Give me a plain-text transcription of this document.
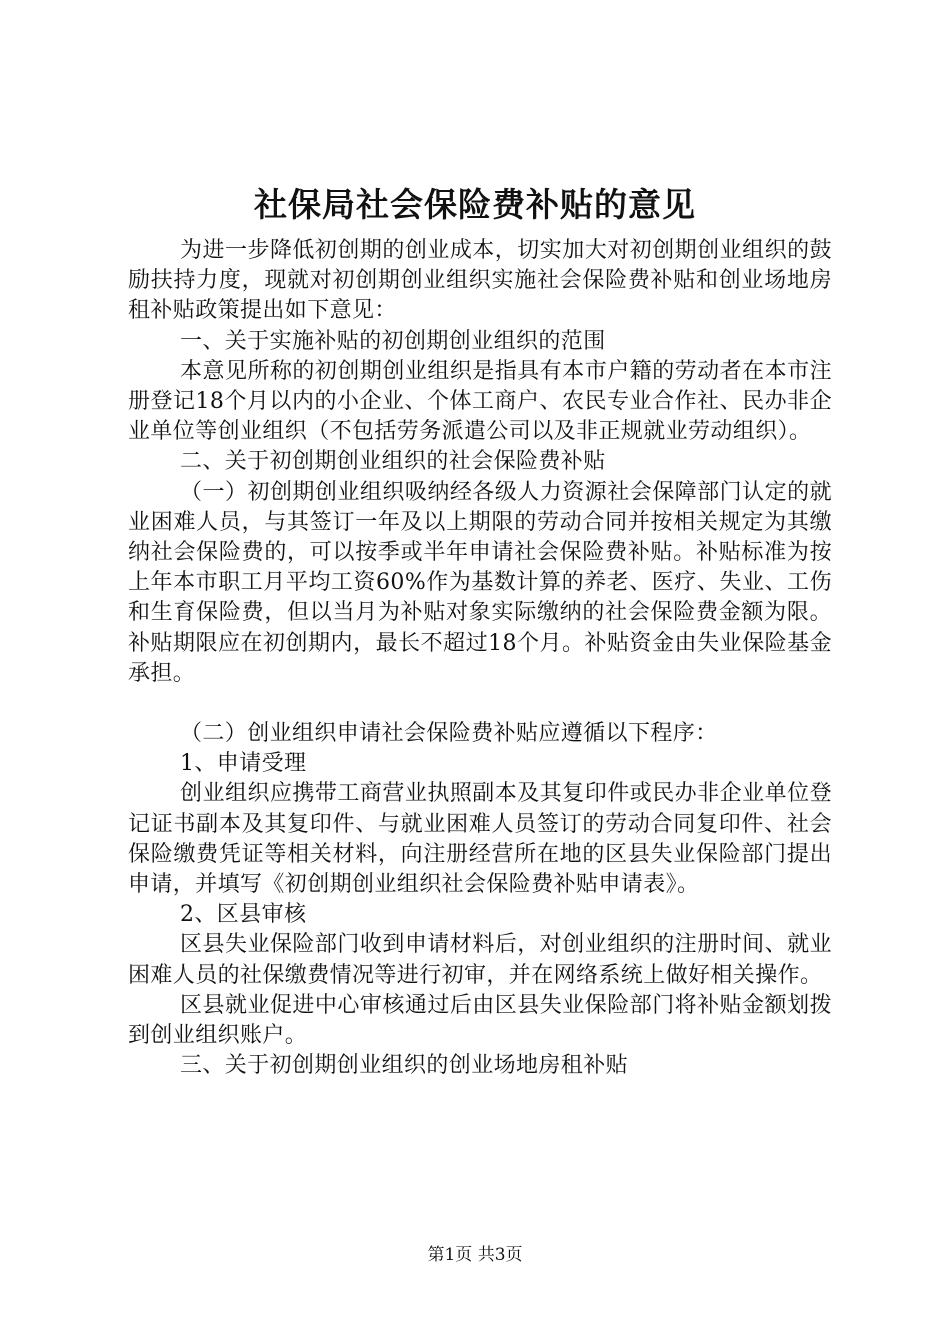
社保局社会保险费补贴的意见

为进一步降低初创期的创业成本，切实加大对初创期创业组织的鼓励扶持力度，现就对初创期创业组织实施社会保险费补贴和创业场地房租补贴政策提出如下意见：

一、关于实施补贴的初创期创业组织的范围

本意见所称的初创期创业组织是指具有本市户籍的劳动者在本市注册登记18个月以内的小企业、个体工商户、农民专业合作社、民办非企业单位等创业组织（不包括劳务派遣公司以及非正规就业劳动组织）。

二、关于初创期创业组织的社会保险费补贴

（一）初创期创业组织吸纳经各级人力资源社会保障部门认定的就业困难人员，与其签订一年及以上期限的劳动合同并按相关规定为其缴纳社会保险费的，可以按季或半年申请社会保险费补贴。补贴标准为按上年本市职工月平均工资60%作为基数计算的养老、医疗、失业、工伤和生育保险费，但以当月为补贴对象实际缴纳的社会保险费金额为限。补贴期限应在初创期内，最长不超过18个月。补贴资金由失业保险基金承担。

（二）创业组织申请社会保险费补贴应遵循以下程序：

1、申请受理

创业组织应携带工商营业执照副本及其复印件或民办非企业单位登记证书副本及其复印件、与就业困难人员签订的劳动合同复印件、社会保险缴费凭证等相关材料，向注册经营所在地的区县失业保险部门提出申请，并填写《初创期创业组织社会保险费补贴申请表》。

2、区县审核

区县失业保险部门收到申请材料后，对创业组织的注册时间、就业困难人员的社保缴费情况等进行初审，并在网络系统上做好相关操作。

区县就业促进中心审核通过后由区县失业保险部门将补贴金额划拨到创业组织账户。

三、关于初创期创业组织的创业场地房租补贴

第1页 共3页
